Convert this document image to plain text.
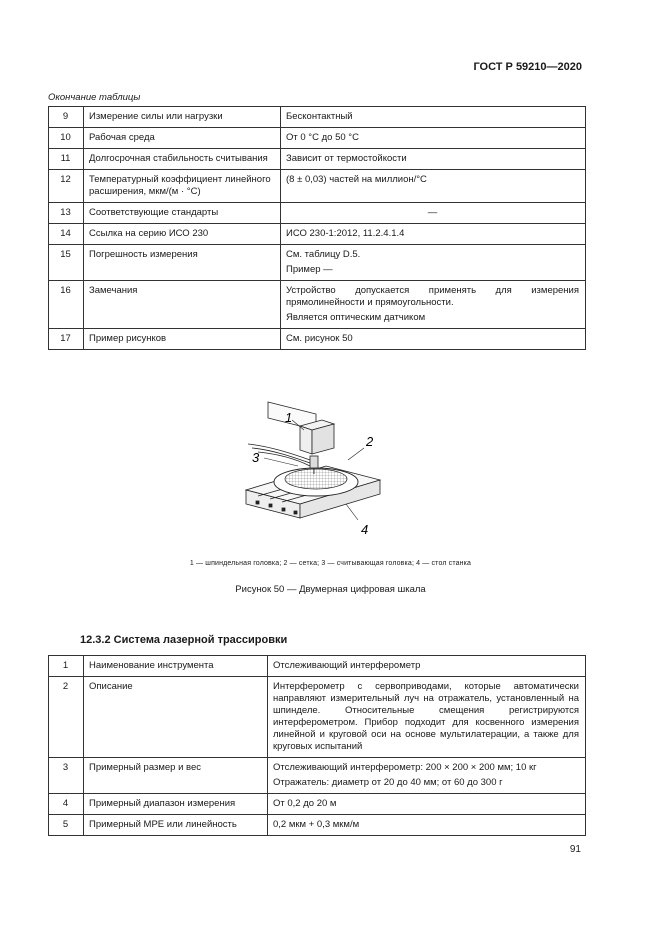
ГОСТ Р 59210—2020
Окончание таблицы
9	Измерение силы или нагрузки	Бесконтактный
10	Рабочая среда	От 0 °C до 50 °C
11	Долгосрочная стабильность считывания	Зависит от термостойкости
12	Температурный коэффициент линейного расширения, мкм/(м · °C)	(8 ± 0,03) частей на миллион/°C
13	Соответствующие стандарты	—
14	Ссылка на серию ИСО 230	ИСО 230-1:2012, 11.2.4.1.4
15	Погрешность измерения	См. таблицу D.5.
Пример —

16	Замечания	Устройство допускается применять для измерения прямолинейности и прямоугольности.
Является оптическим датчиком

17	Пример рисунков	См. рисунок 50
1
2
3
4
1 — шпиндельная головка; 2 — сетка; 3 — считывающая головка; 4 — стол станка
Рисунок 50 — Двумерная цифровая шкала
12.3.2 Система лазерной трассировки
1	Наименование инструмента	Отслеживающий интерферометр
2	Описание	Интерферометр с сервоприводами, которые автоматически направляют измерительный луч на отражатель, установленный на шпинделе. Относительные смещения регистрируются интерферометром. Прибор подходит для косвенного измерения линейной и круговой оси на основе мультилатерации, а также для круговых испытаний
3	Примерный размер и вес	Отслеживающий интерферометр: 200 × 200 × 200 мм; 10 кг
Отражатель: диаметр от 20 до 40 мм; от 60 до 300 г

4	Примерный диапазон измерения	От 0,2 до 20 м
5	Примерный MPE или линейность	0,2 мкм + 0,3 мкм/м
91
